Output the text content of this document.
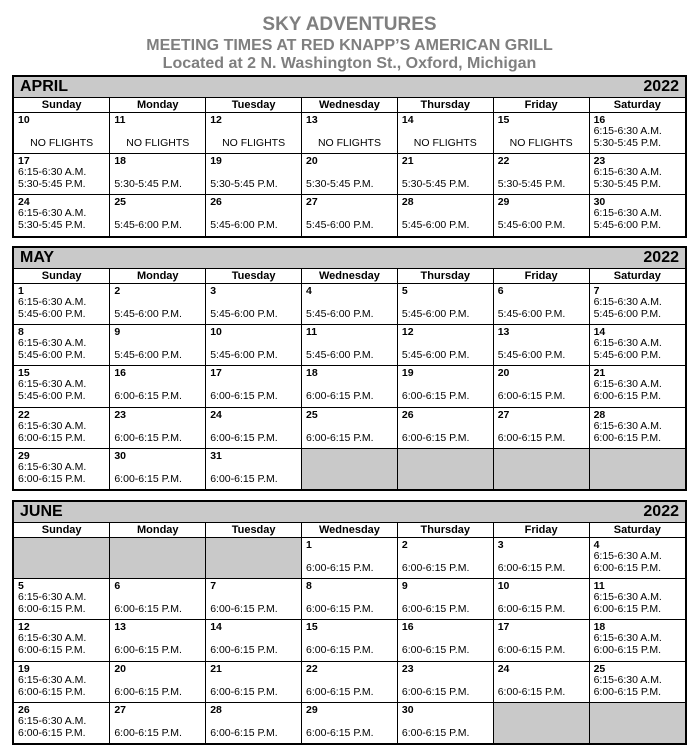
SKY ADVENTURES
MEETING TIMES AT RED KNAPP’S AMERICAN GRILL
Located at 2 N. Washington St., Oxford, Michigan
APRIL	2022
Sunday	Monday	Tuesday	Wednesday	Thursday	Friday	Saturday

10
NO FLIGHTS	11
NO FLIGHTS	12
NO FLIGHTS	13
NO FLIGHTS	14
NO FLIGHTS	15
NO FLIGHTS	16
6:15-6:30 A.M.
5:30-5:45 P.M.

17
6:15-6:30 A.M.
5:30-5:45 P.M.	18
5:30-5:45 P.M.	19
5:30-5:45 P.M.	20
5:30-5:45 P.M.	21
5:30-5:45 P.M.	22
5:30-5:45 P.M.	23
6:15-6:30 A.M.
5:30-5:45 P.M.

24
6:15-6:30 A.M.
5:30-5:45 P.M.	25
5:45-6:00 P.M.	26
5:45-6:00 P.M.	27
5:45-6:00 P.M.	28
5:45-6:00 P.M.	29
5:45-6:00 P.M.	30
6:15-6:30 A.M.
5:45-6:00 P.M.
MAY	2022
Sunday	Monday	Tuesday	Wednesday	Thursday	Friday	Saturday

1
6:15-6:30 A.M.
5:45-6:00 P.M.	2
5:45-6:00 P.M.	3
5:45-6:00 P.M.	4
5:45-6:00 P.M.	5
5:45-6:00 P.M.	6
5:45-6:00 P.M.	7
6:15-6:30 A.M.
5:45-6:00 P.M.

8
6:15-6:30 A.M.
5:45-6:00 P.M.	9
5:45-6:00 P.M.	10
5:45-6:00 P.M.	11
5:45-6:00 P.M.	12
5:45-6:00 P.M.	13
5:45-6:00 P.M.	14
6:15-6:30 A.M.
5:45-6:00 P.M.

15
6:15-6:30 A.M.
5:45-6:00 P.M.	16
6:00-6:15 P.M.	17
6:00-6:15 P.M.	18
6:00-6:15 P.M.	19
6:00-6:15 P.M.	20
6:00-6:15 P.M.	21
6:15-6:30 A.M.
6:00-6:15 P.M.

22
6:15-6:30 A.M.
6:00-6:15 P.M.	23
6:00-6:15 P.M.	24
6:00-6:15 P.M.	25
6:00-6:15 P.M.	26
6:00-6:15 P.M.	27
6:00-6:15 P.M.	28
6:15-6:30 A.M.
6:00-6:15 P.M.

29
6:15-6:30 A.M.
6:00-6:15 P.M.	30
6:00-6:15 P.M.	31
6:00-6:15 P.M.				

JUNE	2022
Sunday	Monday	Tuesday	Wednesday	Thursday	Friday	Saturday

			1
6:00-6:15 P.M.	2
6:00-6:15 P.M.	3
6:00-6:15 P.M.	4
6:15-6:30 A.M.
6:00-6:15 P.M.

5
6:15-6:30 A.M.
6:00-6:15 P.M.	6
6:00-6:15 P.M.	7
6:00-6:15 P.M.	8
6:00-6:15 P.M.	9
6:00-6:15 P.M.	10
6:00-6:15 P.M.	11
6:15-6:30 A.M.
6:00-6:15 P.M.

12
6:15-6:30 A.M.
6:00-6:15 P.M.	13
6:00-6:15 P.M.	14
6:00-6:15 P.M.	15
6:00-6:15 P.M.	16
6:00-6:15 P.M.	17
6:00-6:15 P.M.	18
6:15-6:30 A.M.
6:00-6:15 P.M.

19
6:15-6:30 A.M.
6:00-6:15 P.M.	20
6:00-6:15 P.M.	21
6:00-6:15 P.M.	22
6:00-6:15 P.M.	23
6:00-6:15 P.M.	24
6:00-6:15 P.M.	25
6:15-6:30 A.M.
6:00-6:15 P.M.

26
6:15-6:30 A.M.
6:00-6:15 P.M.	27
6:00-6:15 P.M.	28
6:00-6:15 P.M.	29
6:00-6:15 P.M.	30
6:00-6:15 P.M.		
